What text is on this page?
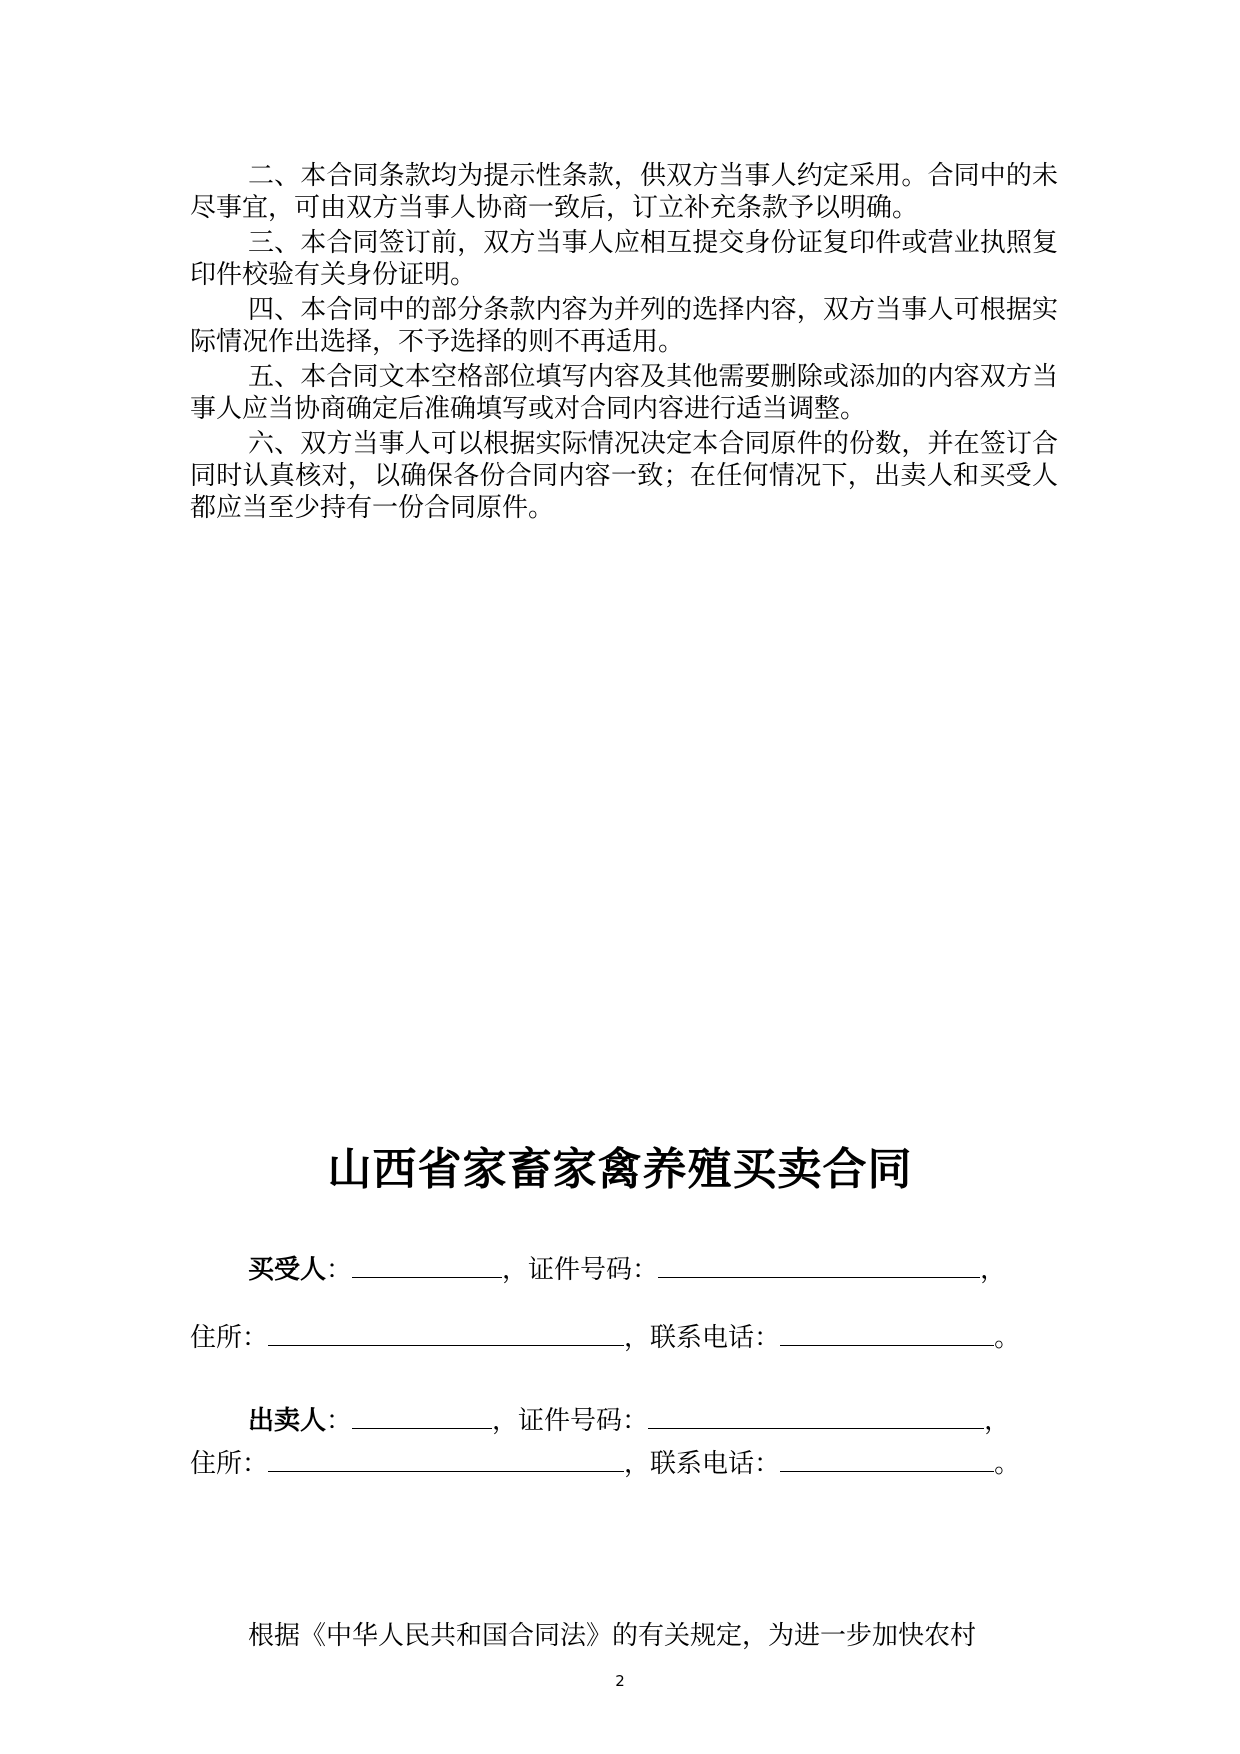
二、本合同条款均为提示性条款，供双方当事人约定采用。合同中的未尽事宜，可由双方当事人协商一致后，订立补充条款予以明确。

三、本合同签订前，双方当事人应相互提交身份证复印件或营业执照复印件校验有关身份证明。

四、本合同中的部分条款内容为并列的选择内容，双方当事人可根据实际情况作出选择，不予选择的则不再适用。

五、本合同文本空格部位填写内容及其他需要删除或添加的内容双方当事人应当协商确定后准确填写或对合同内容进行适当调整。

六、双方当事人可以根据实际情况决定本合同原件的份数，并在签订合同时认真核对，以确保各份合同内容一致；在任何情况下，出卖人和买受人都应当至少持有一份合同原件。

山西省家畜家禽养殖买卖合同
买受人：	，证件号码：	，
住所：	，联系电话：	。
出卖人：	，证件号码：	，
住所：	，联系电话：	。
根据《中华人民共和国合同法》的有关规定，为进一步加快农村
2
